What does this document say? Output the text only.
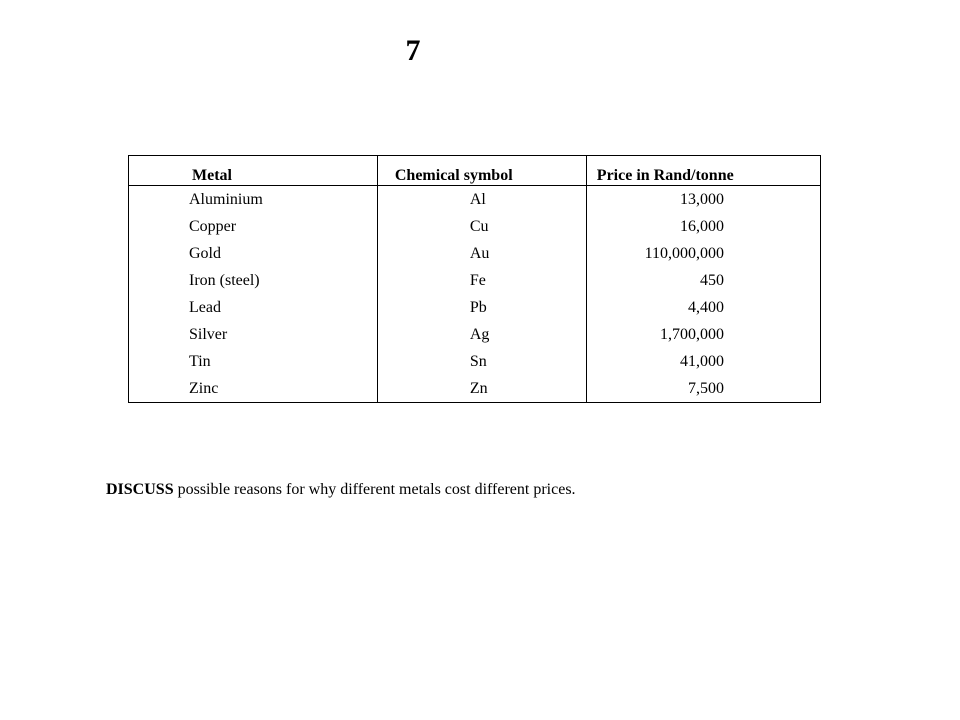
7
Metal	Chemical symbol	Price in Rand/tonne
Aluminium	Al	13,000
Copper	Cu	16,000
Gold	Au	110,000,000
Iron (steel)	Fe	450
Lead	Pb	4,400
Silver	Ag	1,700,000
Tin	Sn	41,000
Zinc	Zn	7,500
DISCUSS possible reasons for why different metals cost different prices.
